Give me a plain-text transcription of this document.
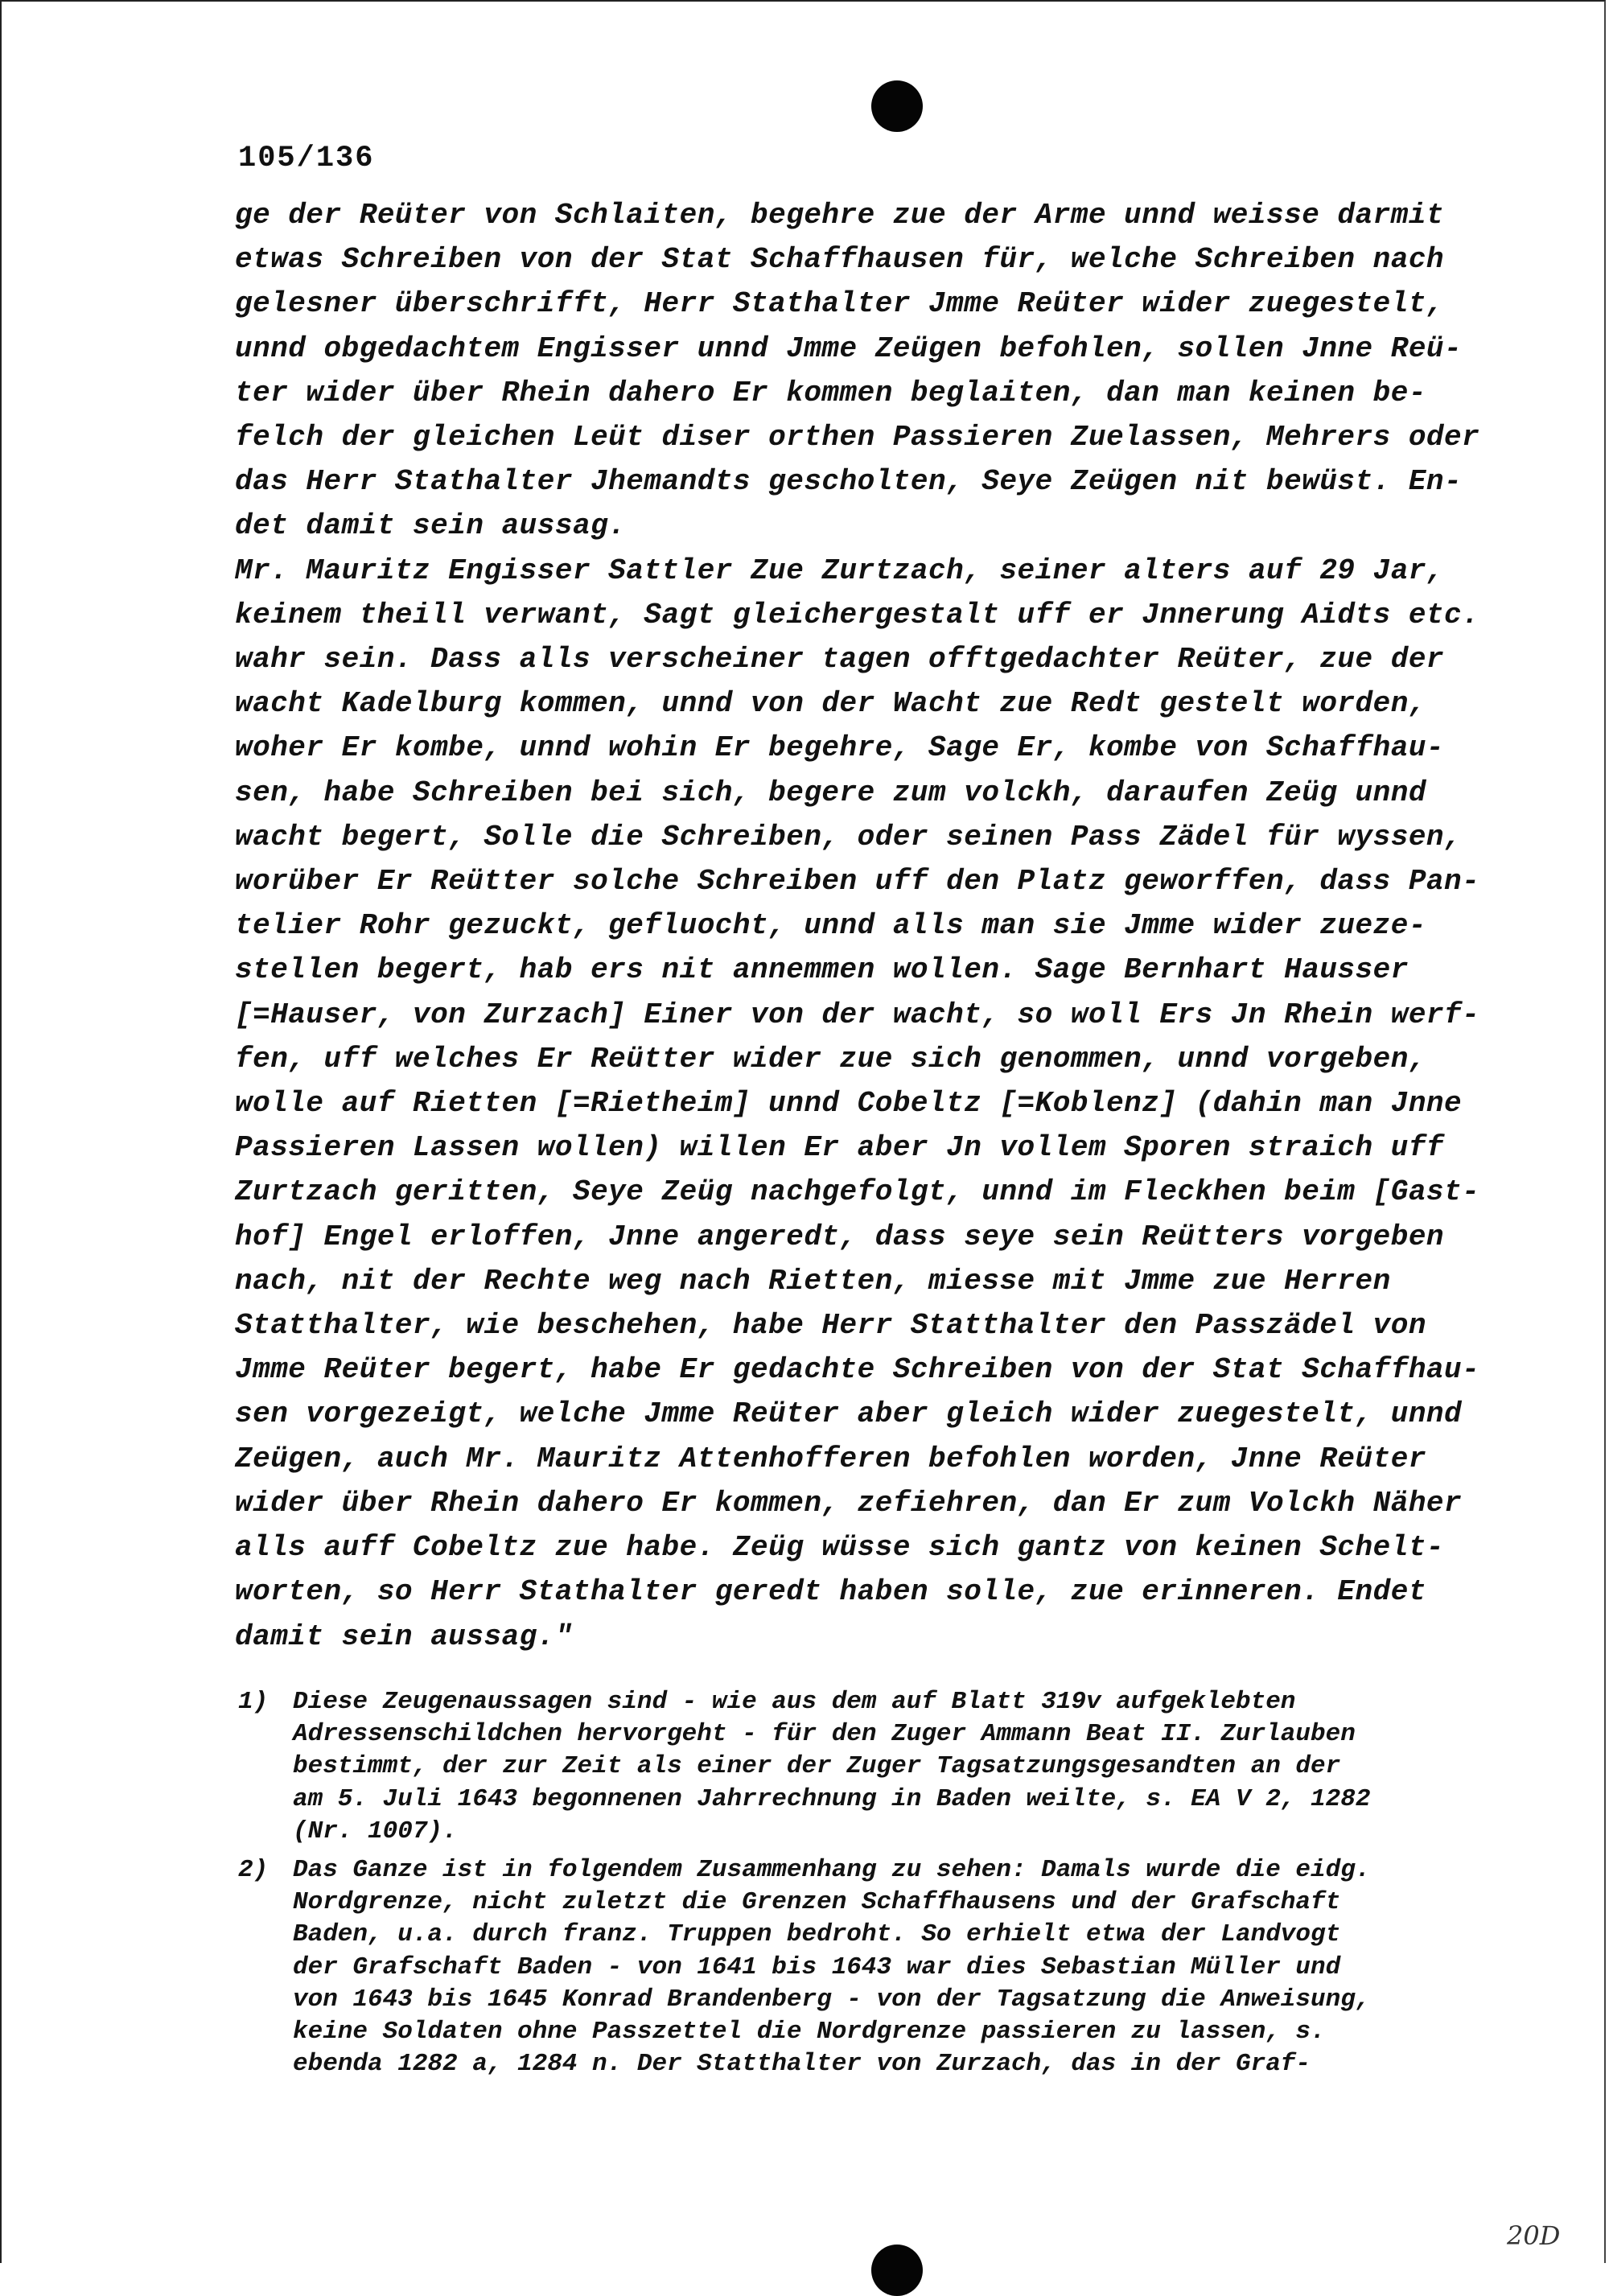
105/136
ge der Reüter von Schlaiten, begehre zue der Arme unnd weisse darmit
etwas Schreiben von der Stat Schaffhausen für, welche Schreiben nach
gelesner überschrifft, Herr Stathalter Jmme Reüter wider zuegestelt,
unnd obgedachtem Engisser unnd Jmme Zeügen befohlen, sollen Jnne Reü-
ter wider über Rhein dahero Er kommen beglaiten, dan man keinen be-
felch der gleichen Leüt diser orthen Passieren Zuelassen, Mehrers oder
das Herr Stathalter Jhemandts gescholten, Seye Zeügen nit bewüst. En-
det damit sein aussag.
Mr. Mauritz Engisser Sattler Zue Zurtzach, seiner alters auf 29 Jar,
keinem theill verwant, Sagt gleichergestalt uff er Jnnerung Aidts etc.
wahr sein. Dass alls verscheiner tagen offtgedachter Reüter, zue der
wacht Kadelburg kommen, unnd von der Wacht zue Redt gestelt worden,
woher Er kombe, unnd wohin Er begehre, Sage Er, kombe von Schaffhau-
sen, habe Schreiben bei sich, begere zum volckh, daraufen Zeüg unnd
wacht begert, Solle die Schreiben, oder seinen Pass Zädel für wyssen,
worüber Er Reütter solche Schreiben uff den Platz geworffen, dass Pan-
telier Rohr gezuckt, gefluocht, unnd alls man sie Jmme wider zueze-
stellen begert, hab ers nit annemmen wollen. Sage Bernhart Hausser
[=Hauser, von Zurzach] Einer von der wacht, so woll Ers Jn Rhein werf-
fen, uff welches Er Reütter wider zue sich genommen, unnd vorgeben,
wolle auf Rietten [=Rietheim] unnd Cobeltz [=Koblenz] (dahin man Jnne
Passieren Lassen wollen) willen Er aber Jn vollem Sporen straich uff
Zurtzach geritten, Seye Zeüg nachgefolgt, unnd im Fleckhen beim [Gast-
hof] Engel erloffen, Jnne angeredt, dass seye sein Reütters vorgeben
nach, nit der Rechte weg nach Rietten, miesse mit Jmme zue Herren
Statthalter, wie beschehen, habe Herr Statthalter den Passzädel von
Jmme Reüter begert, habe Er gedachte Schreiben von der Stat Schaffhau-
sen vorgezeigt, welche Jmme Reüter aber gleich wider zuegestelt, unnd
Zeügen, auch Mr. Mauritz Attenhofferen befohlen worden, Jnne Reüter
wider über Rhein dahero Er kommen, zefiehren, dan Er zum Volckh Näher
alls auff Cobeltz zue habe. Zeüg wüsse sich gantz von keinen Schelt-
worten, so Herr Stathalter geredt haben solle, zue erinneren. Endet
damit sein aussag."
1) Diese Zeugenaussagen sind - wie aus dem auf Blatt 319v aufgeklebten
Adressenschildchen hervorgeht - für den Zuger Ammann Beat II. Zurlauben
bestimmt, der zur Zeit als einer der Zuger Tagsatzungsgesandten an der
am 5. Juli 1643 begonnenen Jahrrechnung in Baden weilte, s. EA V 2, 1282
(Nr. 1007).
2) Das Ganze ist in folgendem Zusammenhang zu sehen: Damals wurde die eidg.
Nordgrenze, nicht zuletzt die Grenzen Schaffhausens und der Grafschaft
Baden, u.a. durch franz. Truppen bedroht. So erhielt etwa der Landvogt
der Grafschaft Baden - von 1641 bis 1643 war dies Sebastian Müller und
von 1643 bis 1645 Konrad Brandenberg - von der Tagsatzung die Anweisung,
keine Soldaten ohne Passzettel die Nordgrenze passieren zu lassen, s.
ebenda 1282 a, 1284 n. Der Statthalter von Zurzach, das in der Graf-
20D
